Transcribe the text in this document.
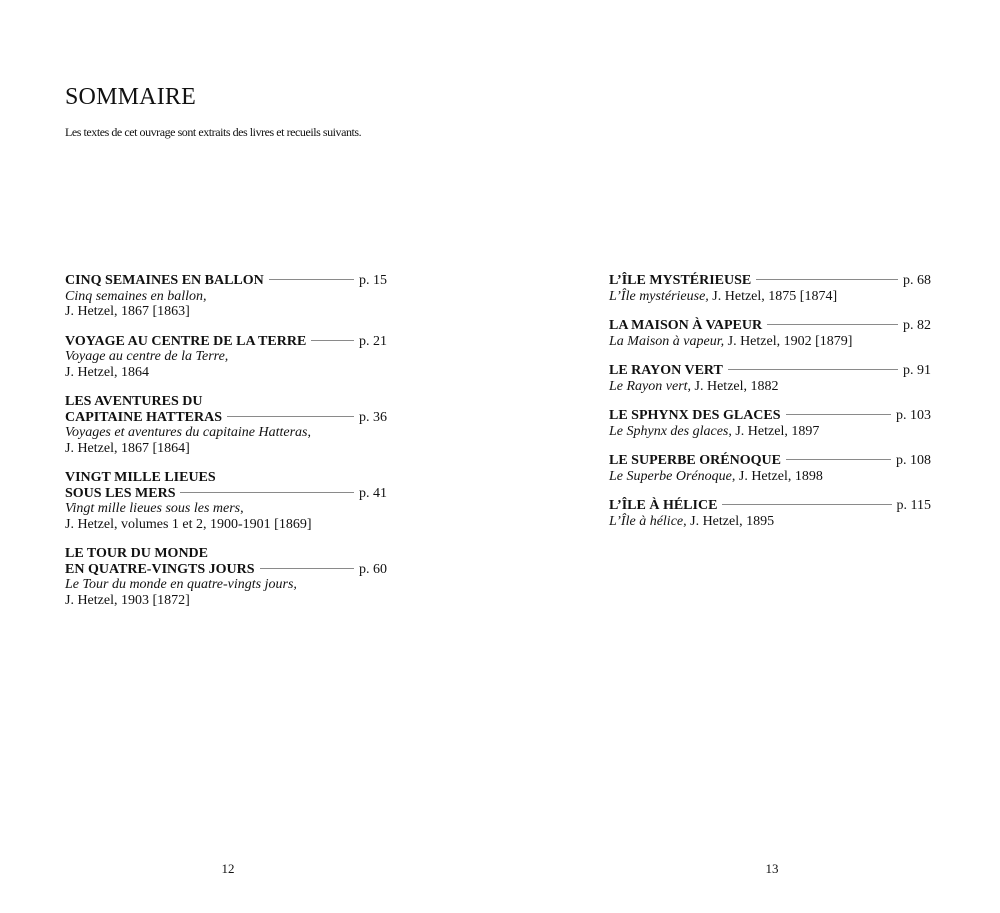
SOMMAIRE

Les textes de cet ouvrage sont extraits des livres et recueils suivants.

CINQ SEMAINES EN BALLON	p. 15
Cinq semaines en ballon,
J. Hetzel, 1867 [1863]
VOYAGE AU CENTRE DE LA TERRE	p. 21
Voyage au centre de la Terre,
J. Hetzel, 1864
LES AVENTURES DU
CAPITAINE HATTERAS	p. 36
Voyages et aventures du capitaine Hatteras,
J. Hetzel, 1867 [1864]
VINGT MILLE LIEUES
SOUS LES MERS	p. 41
Vingt mille lieues sous les mers,
J. Hetzel, volumes 1 et 2, 1900-1901 [1869]
LE TOUR DU MONDE
EN QUATRE-VINGTS JOURS	p. 60
Le Tour du monde en quatre-vingts jours,
J. Hetzel, 1903 [1872]
12
L’ÎLE MYSTÉRIEUSE	p. 68
L’Île mystérieuse, J. Hetzel, 1875 [1874]
LA MAISON À VAPEUR	p. 82
La Maison à vapeur, J. Hetzel, 1902 [1879]
LE RAYON VERT	p. 91
Le Rayon vert, J. Hetzel, 1882
LE SPHYNX DES GLACES	p. 103
Le Sphynx des glaces, J. Hetzel, 1897
LE SUPERBE ORÉNOQUE	p. 108
Le Superbe Orénoque, J. Hetzel, 1898
L’ÎLE À HÉLICE	p. 115
L’Île à hélice, J. Hetzel, 1895
13
